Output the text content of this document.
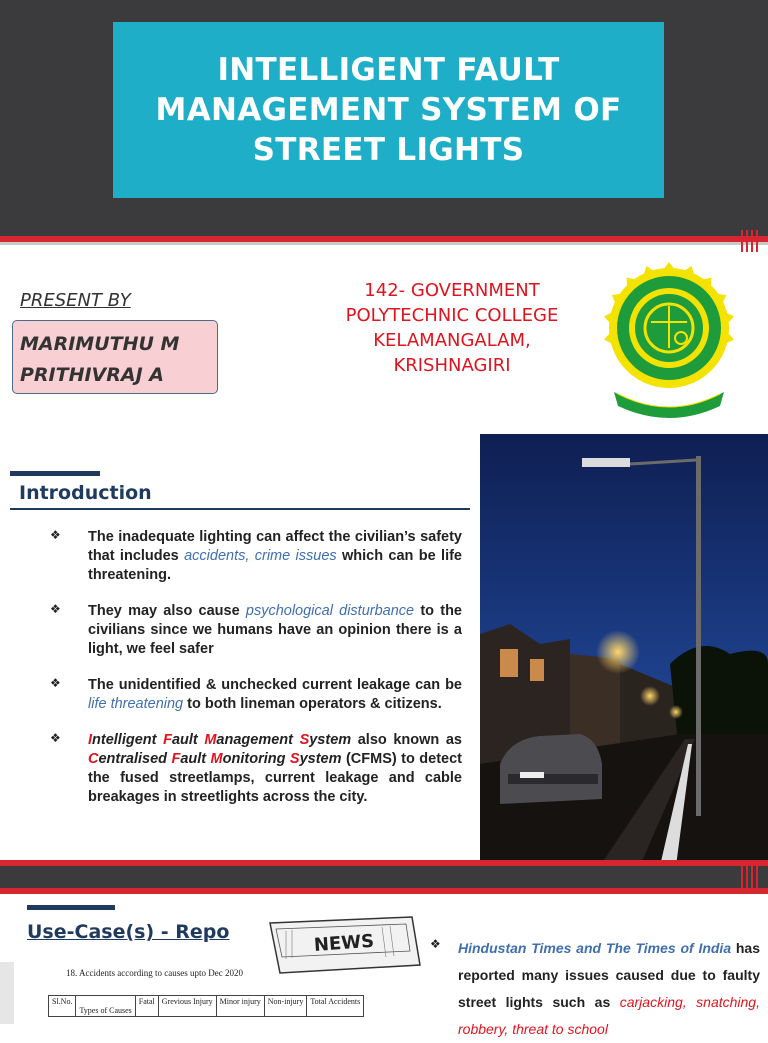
INTELLIGENT FAULT MANAGEMENT SYSTEM OF STREET LIGHTS
PRESENT BY
MARIMUTHU M
PRITHIVRAJ A
142- GOVERNMENT
POLYTECHNIC COLLEGE
KELAMANGALAM,
KRISHNAGIRI
Introduction
❖ The inadequate lighting can affect the civilian’s safety that includes accidents, crime issues which can be life threatening.
❖ They may also cause psychological disturbance to the civilians since we humans have an opinion there is a light, we feel safer
❖ The unidentified & unchecked current leakage can be life threatening to both lineman operators & citizens.
❖ Intelligent Fault Management System also known as Centralised Fault Monitoring System (CFMS) to detect the fused streetlamps, current leakage and cable breakages in streetlights across the city.
Use-Case(s) - Repo	NEWS
18. Accidents according to causes upto Dec 2020
Sl.No.	Types of Causes	Fatal	Grevious Injury	Minor injury	Non-injury	Total Accidents
❖	Hindustan Times and The Times of India has reported many issues caused due to faulty street lights such as carjacking, snatching, robbery, threat to school
